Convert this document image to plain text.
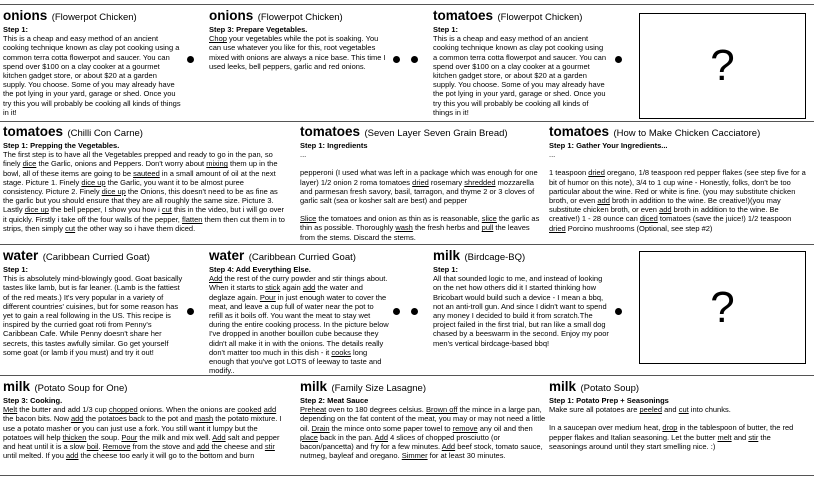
onions (Flowerpot Chicken)
Step 1:

This is a cheap and easy method of an ancient cooking technique known as clay pot cooking using a common terra cotta flowerpot and saucer. You can spend over $100 on a clay cooker at a gourmet kitchen gadget store, or about $20 at a garden supply. You choose. Some of you may already have the pot lying in your yard, garage or shed. Once you try this you will probably be cooking all kinds of things in it!

onions (Flowerpot Chicken)
Step 3: Prepare Vegetables.

Chop your vegetables while the pot is soaking. You can use whatever you like for this, root vegetables mixed with onions are always a nice base. This time I used leeks, bell peppers, garlic and red onions.

tomatoes (Flowerpot Chicken)
Step 1:

This is a cheap and easy method of an ancient cooking technique known as clay pot cooking using a common terra cotta flowerpot and saucer. You can spend over $100 on a clay cooker at a gourmet kitchen gadget store, or about $20 at a garden supply. You choose. Some of you may already have the pot lying in your yard, garage or shed. Once you try this you will probably be cooking all kinds of things in it!

?
tomatoes (Chilli Con Carne)
Step 1: Prepping the Vegetables.

The first step is to have all the Vegetables prepped and ready to go in the pan, so finely dice the Garlic, onions and Peppers. Don't worry about mixing them up in the bowl, all of these items are going to be sauteed in a small amount of oil at the next stage. Picture 1. Finely dice up the Garlic, you want it to be almost puree consistency. Picture 2. Finely dice up the Onions, this doesn't need to be as fine as the garlic but you should ensure that they are all roughly the same size. Picture 3. Lastly dice up the bell pepper, I show you how i cut this in the video, but i will go over it quickly. Firstly i take off the four walls of the pepper, flatten them then cut them in to strips, then simply cut the other way so i have them diced.

tomatoes (Seven Layer Seven Grain Bread)
Step 1: Ingredients

...

pepperoni (I used what was left in a package which was enough for one layer) 1/2 onion 2 roma tomatoes dried rosemary shredded mozzarella and parmesan fresh savory, basil, tarragon, and thyme 2 or 3 cloves of garlic salt (sea or kosher salt are best) and pepper

Slice the tomatoes and onion as thin as is reasonable, slice the garlic as thin as possible. Thoroughly wash the fresh herbs and pull the leaves from the stems. Discard the stems.

tomatoes (How to Make Chicken Cacciatore)
Step 1: Gather Your Ingredients...

...

1 teaspoon dried oregano, 1/8 teaspoon red pepper flakes (see step five for a bit of humor on this note), 3/4 to 1 cup wine - Honestly, folks, don't be too particular about the wine. Red or white is fine. (you may substitute chicken broth, or even add broth in addition to the wine. Be creative!)(you may substitute chicken broth, or even add broth in addition to the wine. Be creative!) 1 - 28 ounce can diced tomatoes (save the juice!) 1/2 teaspoon dried Porcino mushrooms (Optional, see step #2)

water (Caribbean Curried Goat)
Step 1:

This is absolutely mind-blowingly good. Goat basically tastes like lamb, but is far leaner. (Lamb is the fattiest of the red meats.) It's very popular in a variety of different countries' cuisines, but for some reason has yet to gain a real following in the US. This recipe is inspired by the curried goat roti from Penny's Caribbean Cafe. While Penny doesn't share her secrets, this tastes awfully similar. Go get yourself some goat (or lamb if you must) and try it out!

water (Caribbean Curried Goat)
Step 4: Add Everything Else.

Add the rest of the curry powder and stir things about. When it starts to stick again add the water and deglaze again. Pour in just enough water to cover the meat, and leave a cup full of water near the pot to refill as it boils off. You want the meat to stay wet during the entire cooking process. In the picture below I've dropped in another bouillon cube because they didn't all make it in with the onions. The details really don't matter too much in this dish - it cooks long enough that you've got LOTS of leeway to taste and modify..

milk (Birdcage-BQ)
Step 1:

All that sounded logic to me, and instead of looking on the net how others did it I started thinking how Bricobart would build such a device - I mean a bbq, not an anti-troll gun. And since I didn't want to spend any money I decided to build it from scratch.The project failed in the first trial, but ran like a small dog chased by a beeswarm in the second. Enjoy my poor men's vertical birdcage-based bbq!

?
milk (Potato Soup for One)
Step 3: Cooking.

Melt the butter and add 1/3 cup chopped onions. When the onions are cooked add the bacon bits. Now add the potatoes back to the pot and mash the potato mixture. I use a potato masher or you can just use a fork. You still want it lumpy but the potatoes will help thicken the soup. Pour the milk and mix well. Add salt and pepper and heat until it is a slow boil. Remove from the stove and add the cheese and stir until melted. If you add the cheese too early it will go to the bottom and burn

milk (Family Size Lasagne)
Step 2: Meat Sauce

Preheat oven to 180 degrees celsius. Brown off the mince in a large pan, depending on the fat content of the meat, you may or may not need a little oil. Drain the mince onto some paper towel to remove any oil and then place back in the pan. Add 4 slices of chopped prosciutto (or bacon/pancetta) and fry for a few minutes. Add beef stock, tomato sauce, nutmeg, bayleaf and oregano. Simmer for at least 30 minutes.

milk (Potato Soup)
Step 1: Potato Prep + Seasonings

Make sure all potatoes are peeled and cut into chunks.

In a saucepan over medium heat, drop in the tablespoon of butter, the red pepper flakes and Italian seasoning. Let the butter melt and stir the seasonings around until they start smelling nice. :)
